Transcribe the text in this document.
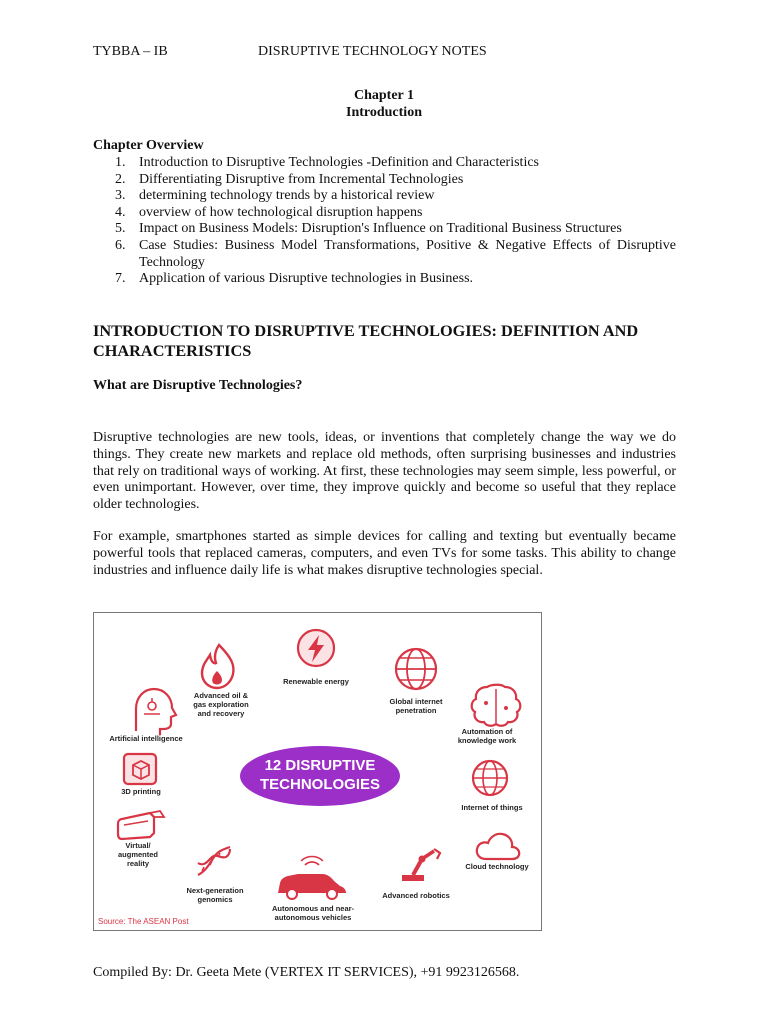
TYBBA – IB	DISRUPTIVE TECHNOLOGY NOTES
Chapter 1
Introduction
Chapter Overview
1. Introduction to Disruptive Technologies -Definition and Characteristics
2. Differentiating Disruptive from Incremental Technologies
3. determining technology trends by a historical review
4. overview of how technological disruption happens
5. Impact on Business Models: Disruption's Influence on Traditional Business Structures
6. Case Studies: Business Model Transformations, Positive & Negative Effects of Disruptive Technology
7. Application of various Disruptive technologies in Business.
INTRODUCTION TO DISRUPTIVE TECHNOLOGIES: DEFINITION AND CHARACTERISTICS
What are Disruptive Technologies?

Disruptive technologies are new tools, ideas, or inventions that completely change the way we do things. They create new markets and replace old methods, often surprising businesses and industries that rely on traditional ways of working. At first, these technologies may seem simple, less powerful, or even unimportant. However, over time, they improve quickly and become so useful that they replace older technologies.

For example, smartphones started as simple devices for calling and texting but eventually became powerful tools that replaced cameras, computers, and even TVs for some tasks. This ability to change industries and influence daily life is what makes disruptive technologies special.

12 DISRUPTIVE
TECHNOLOGIES
Renewable energy
Advanced oil &
gas exploration
and recovery
Global internet
penetration
Artificial intelligence
Automation of
knowledge work
3D printing
Internet of things
Virtual/
augmented
reality	Cloud technology
Next-generation
genomics
Autonomous and near-
autonomous vehicles
Advanced robotics
Source: The ASEAN Post
Compiled By: Dr. Geeta Mete (VERTEX IT SERVICES), +91 9923126568.
